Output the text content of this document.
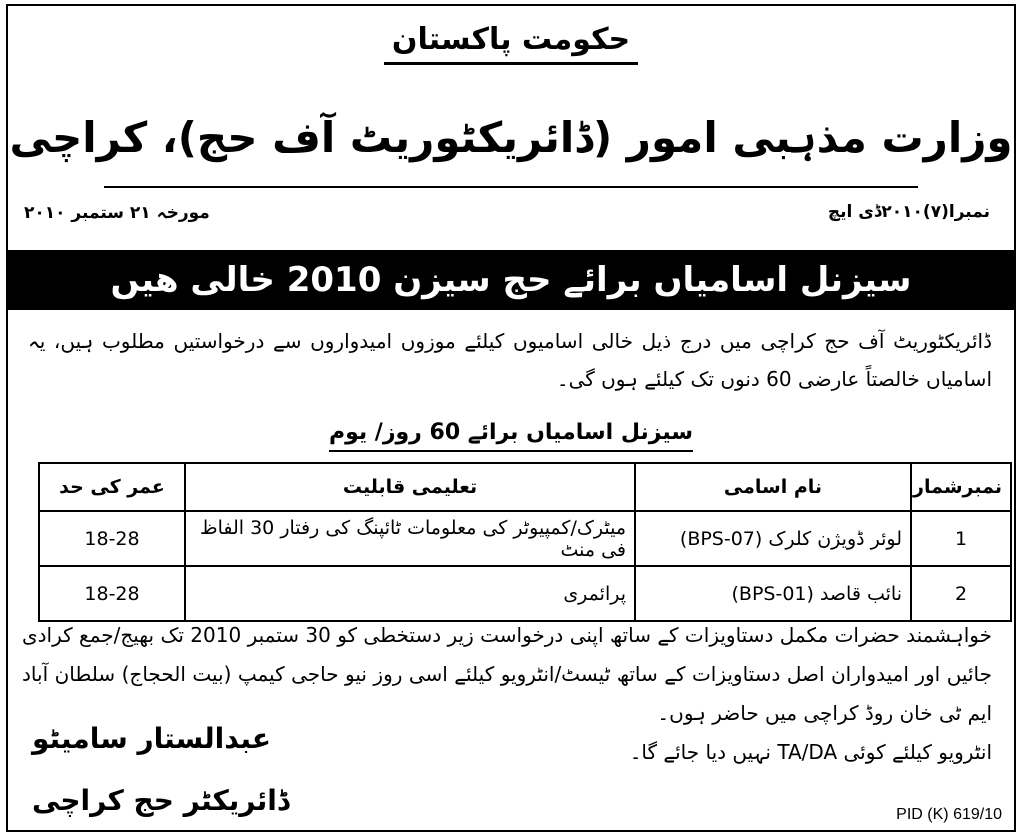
حکومت پاکستان
وزارت مذہبی امور (ڈائریکٹوریٹ آف حج)، کراچی
نمبرا(۷)۲۰۱۰ڈی ایچ
مورخہ ۲۱ ستمبر ۲۰۱۰
سیزنل اسامیاں برائے حج سیزن 2010 خالی ھیں
ڈائریکٹوریٹ آف حج کراچی میں درج ذیل خالی اسامیوں کیلئے موزوں امیدواروں سے درخواستیں مطلوب ہیں، یہ اسامیاں خالصتاً عارضی 60 دنوں تک کیلئے ہوں گی۔
سیزنل اسامیاں برائے 60 روز/ یوم
نمبرشمار	نام اسامی	تعلیمی قابلیت	عمر کی حد
1	لوئر ڈویژن کلرک (BPS-07)	میٹرک/کمپیوٹر کی معلومات ٹائپنگ کی رفتار 30 الفاظ فی منٹ	18-28
2	نائب قاصد (BPS-01)	پرائمری	18-28
خواہشمند حضرات مکمل دستاویزات کے ساتھ اپنی درخواست زیر دستخطی کو 30 ستمبر 2010 تک بھیج/جمع کرادی جائیں اور امیدواران اصل دستاویزات کے ساتھ ٹیسٹ/انٹرویو کیلئے اسی روز نیو حاجی کیمپ (بیت الحجاج) سلطان آباد ایم ٹی خان روڈ کراچی میں حاضر ہوں۔
انٹرویو کیلئے کوئی TA/DA نہیں دیا جائے گا۔
عبدالستار سامیٹو
ڈائریکٹر حج کراچی	PID (K) 619/10
